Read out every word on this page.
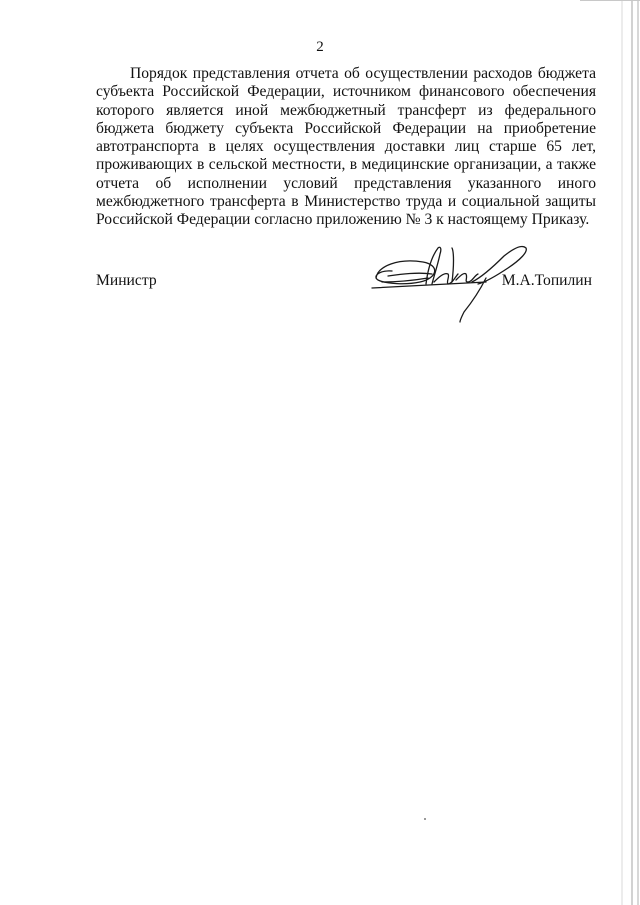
2

Порядок представления отчета об осуществлении расходов бюджета субъекта Российской Федерации, источником финансового обеспечения которого является иной межбюджетный трансферт из федерального бюджета бюджету субъекта Российской Федерации на приобретение автотранспорта в целях осуществления доставки лиц старше 65 лет, проживающих в сельской местности, в медицинские организации, а также отчета об исполнении условий представления указанного иного межбюджетного трансферта в Министерство труда и социальной защиты Российской Федерации согласно приложению № 3 к настоящему Приказу.

Министр	М.А.Топилин
